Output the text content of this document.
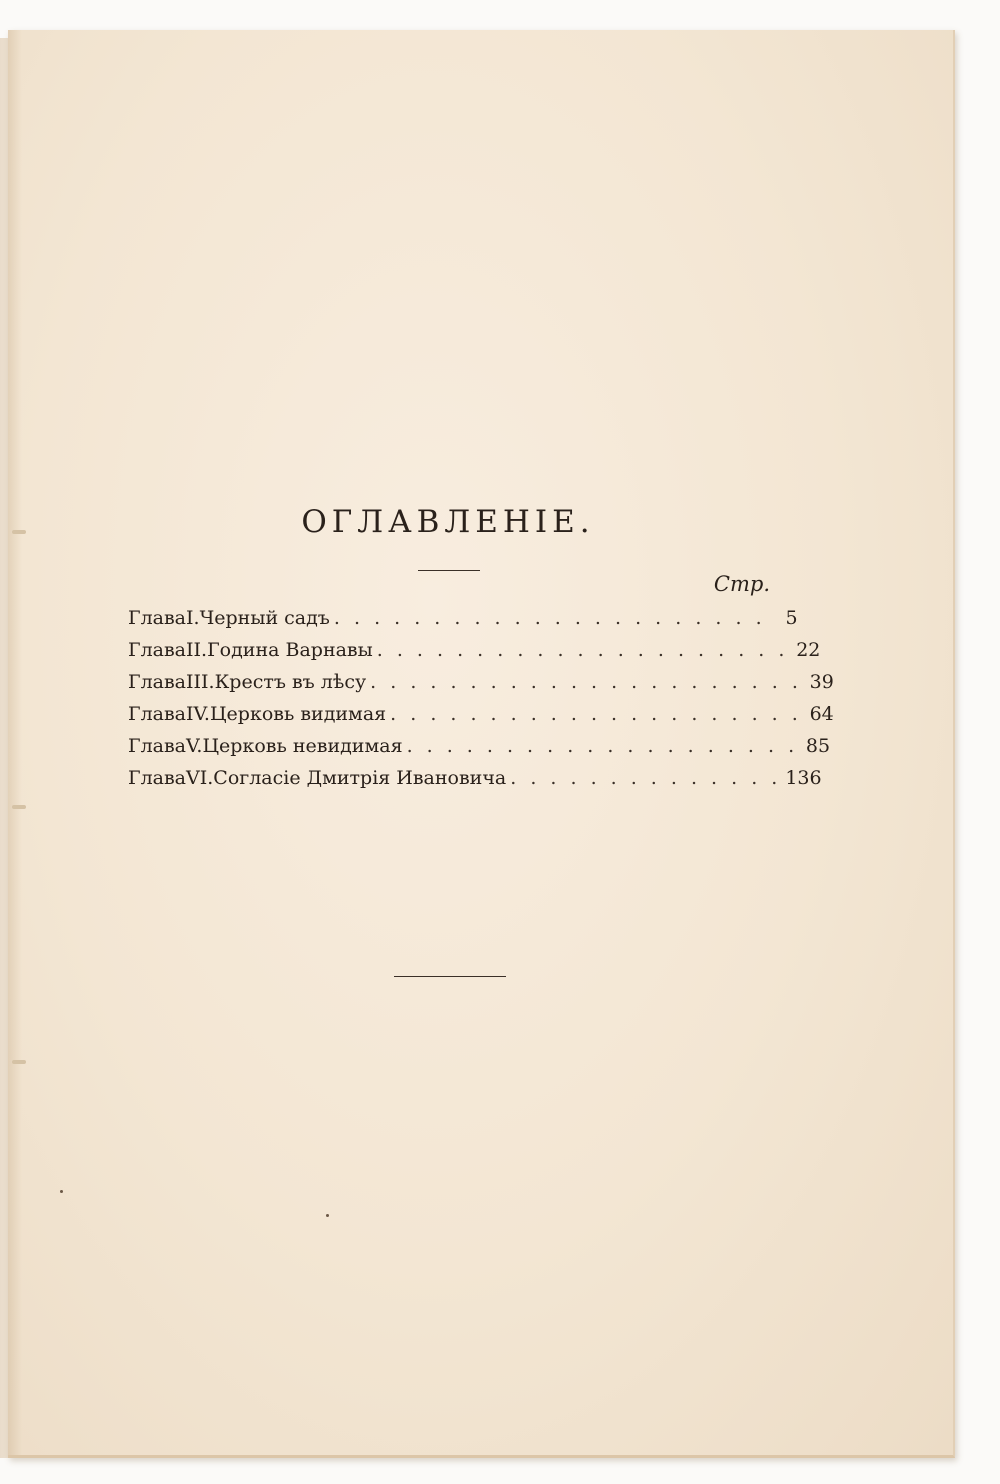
ОГЛАВЛЕНІЕ.
Стр.
Глава I. Черный садъ . . . . . . . . . . . . . . . . . . . . . .	5
Глава II. Година Варнавы . . . . . . . . . . . . . . . . . . . . . 22
Глава III. Крестъ въ лѣсу . . . . . . . . . . . . . . . . . . . . . . 39
Глава IV. Церковь видимая . . . . . . . . . . . . . . . . . . . . . 64
Глава V. Церковь невидимая . . . . . . . . . . . . . . . . . . . . 85
Глава VI. Согласіе Дмитрія Ивановича . . . . . . . . . . . . . . 136
